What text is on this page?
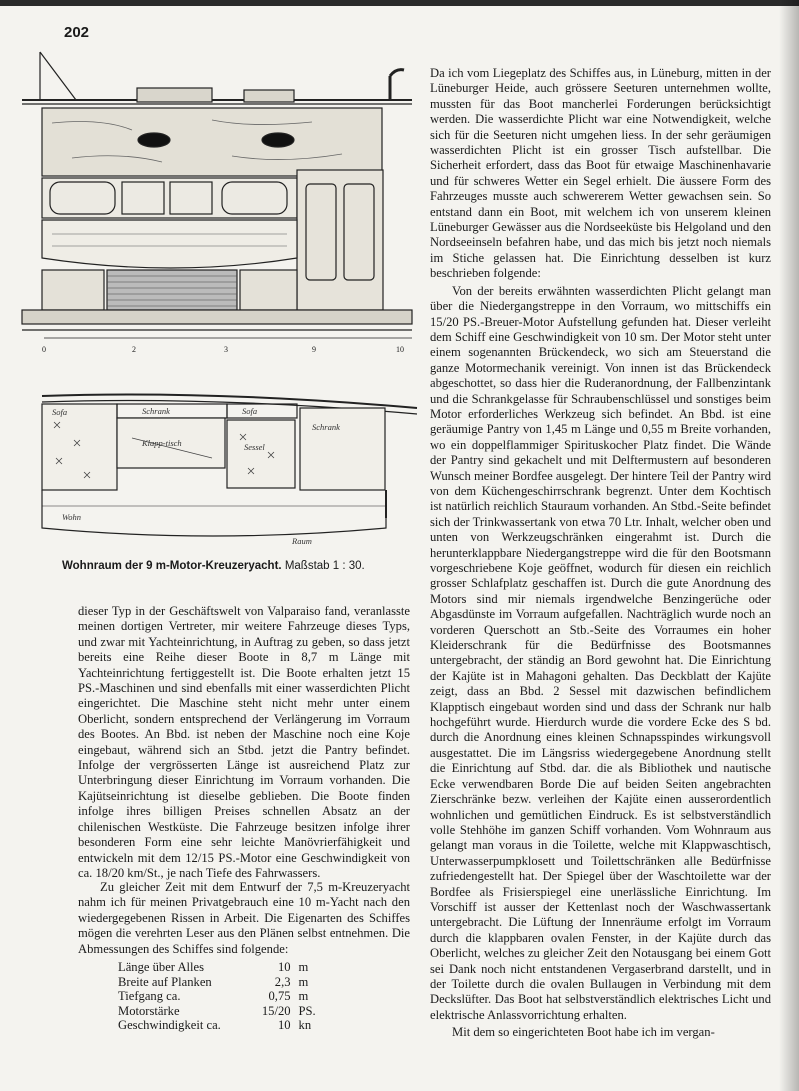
202
0	2	3	9	10
Sofa	Schrank	Sofa
Schrank
Klapp-tisch	Sessel
Wohn
Raum
Wohnraum der 9 m-Motor-Kreuzeryacht. Maßstab 1 : 30.

Da ich vom Liegeplatz des Schiffes aus, in Lüneburg, mitten in der Lüneburger Heide, auch grössere Seeturen unternehmen wollte, mussten für das Boot mancherlei Forderungen berücksichtigt werden. Die wasserdichte Plicht war eine Notwendigkeit, welche sich für die Seeturen nicht umgehen liess. In der sehr geräumigen wasserdichten Plicht ist ein grosser Tisch aufstellbar. Die Sicherheit erfordert, dass das Boot für etwaige Maschinenhavarie und für schweres Wetter ein Segel erhielt. Die äussere Form des Fahrzeuges musste auch schwererem Wetter gewachsen sein. So entstand dann ein Boot, mit welchem ich von unserem kleinen Lüneburger Gewässer aus die Nordseeküste bis Helgoland und den Nordseeinseln befahren habe, und das mich bis jetzt noch niemals im Stiche gelassen hat. Die Einrichtung desselben ist kurz beschrieben folgende:

Von der bereits erwähnten wasserdichten Plicht gelangt man über die Niedergangstreppe in den Vorraum, wo mittschiffs ein 15/20 PS.-Breuer-Motor Aufstellung gefunden hat. Dieser verleiht dem Schiff eine Geschwindigkeit von 10 sm. Der Motor steht unter einem sogenannten Brückendeck, wo sich am Steuerstand die ganze Motormechanik vereinigt. Von innen ist das Brückendeck abgeschottet, so dass hier die Ruderanordnung, der Fallbenzintank und die Schrankgelasse für Schraubenschlüssel und sonstiges beim Motor erforderliches Werkzeug sich befindet. An Bbd. ist eine geräumige Pantry von 1,45 m Länge und 0,55 m Breite vorhanden, wo ein doppelflammiger Spirituskocher Platz findet. Die Wände der Pantry sind gekachelt und mit Delftermustern auf besonderen Wunsch meiner Bordfee ausgelegt. Der hintere Teil der Pantry wird von dem Küchengeschirrschrank begrenzt. Unter dem Kochtisch ist natürlich reichlich Stauraum vorhanden. An Stbd.-Seite befindet sich der Trinkwassertank von etwa 70 Ltr. Inhalt, welcher oben und unten von Werkzeugschränken eingerahmt ist. Durch die herunterklappbare Niedergangstreppe wird die für den Bootsmann vorgeschriebene Koje geöffnet, wodurch für diesen ein reichlich grosser Schlafplatz geschaffen ist. Durch die gute Anordnung des Motors sind mir niemals irgendwelche Benzingerüche oder Abgasdünste im Vorraum aufgefallen. Nachträglich wurde noch an vorderen Querschott an Stb.-Seite des Vorraumes ein hoher Kleiderschrank für die Bedürfnisse des Bootsmannes untergebracht, der ständig an Bord gewohnt hat. Die Einrichtung der Kajüte ist in Mahagoni gehalten. Das Deckblatt der Kajüte zeigt, dass an Bbd. 2 Sessel mit dazwischen befindlichem Klapptisch eingebaut worden sind und dass der Schrank nur halb hochgeführt wurde. Hierdurch wurde die vordere Ecke des S bd. durch die Anordnung eines kleinen Schnapsspindes wirkungsvoll ausgestattet. Die im Längsriss wiedergegebene Anordnung stellt die Einrichtung auf Stbd. dar. die als Bibliothek und nautische Ecke verwendbaren Borde Die auf beiden Seiten angebrachten Zierschränke bezw. verleihen der Kajüte einen ausserordentlich wohnlichen und gemütlichen Eindruck. Es ist selbstverständlich volle Stehhöhe im ganzen Schiff vorhanden. Vom Wohnraum aus gelangt man voraus in die Toilette, welche mit Klappwaschtisch, Unterwasserpumpklosett und Toilettschränken alle Bedürfnisse zufriedengestellt hat. Der Spiegel über der Waschtoilette war der Bordfee als Frisierspiegel eine unerlässliche Einrichtung. Im Vorschiff ist ausser der Kettenlast noch der Waschwassertank untergebracht. Die Lüftung der Innenräume erfolgt im Vorraum durch die klappbaren ovalen Fenster, in der Kajüte durch das Oberlicht, welches zu gleicher Zeit den Notausgang bei einem Gott sei Dank noch nicht entstandenen Vergaserbrand darstellt, und in der Toilette durch die ovalen Bullaugen in Verbindung mit dem Deckslüfter. Das Boot hat selbstverständlich elektrisches Licht und elektrische Anlassvorrichtung erhalten.

Mit dem so eingerichteten Boot habe ich im vergan-

dieser Typ in der Geschäftswelt von Valparaiso fand, veranlasste meinen dortigen Vertreter, mir weitere Fahrzeuge dieses Typs, und zwar mit Yachteinrichtung, in Auftrag zu geben, so dass jetzt bereits eine Reihe dieser Boote in 8,7 m Länge mit Yachteinrichtung fertiggestellt ist. Die Boote erhalten jetzt 15 PS.-Maschinen und sind ebenfalls mit einer wasserdichten Plicht eingerichtet. Die Maschine steht nicht mehr unter einem Oberlicht, sondern entsprechend der Verlängerung im Vorraum des Bootes. An Bbd. ist neben der Maschine noch eine Koje eingebaut, während sich an Stbd. jetzt die Pantry befindet. Infolge der vergrösserten Länge ist ausreichend Platz zur Unterbringung dieser Einrichtung im Vorraum vorhanden. Die Kajütseinrichtung ist dieselbe geblieben. Die Boote finden infolge ihres billigen Preises schnellen Absatz an der chilenischen Westküste. Die Fahrzeuge besitzen infolge ihrer besonderen Form eine sehr leichte Manövrierfähigkeit und entwickeln mit dem 12/15 PS.-Motor eine Geschwindigkeit von ca. 18/20 km/St., je nach Tiefe des Fahrwassers.

Zu gleicher Zeit mit dem Entwurf der 7,5 m-Kreuzeryacht nahm ich für meinen Privatgebrauch eine 10 m-Yacht nach den wiedergegebenen Rissen in Arbeit. Die Eigenarten des Schiffes mögen die verehrten Leser aus den Plänen selbst entnehmen. Die Abmessungen des Schiffes sind folgende:

Länge über Alles	10 m
Breite auf Planken	2,3 m
Tiefgang ca.	0,75 m
Motorstärke	15/20 PS.
Geschwindigkeit ca.	10 kn
